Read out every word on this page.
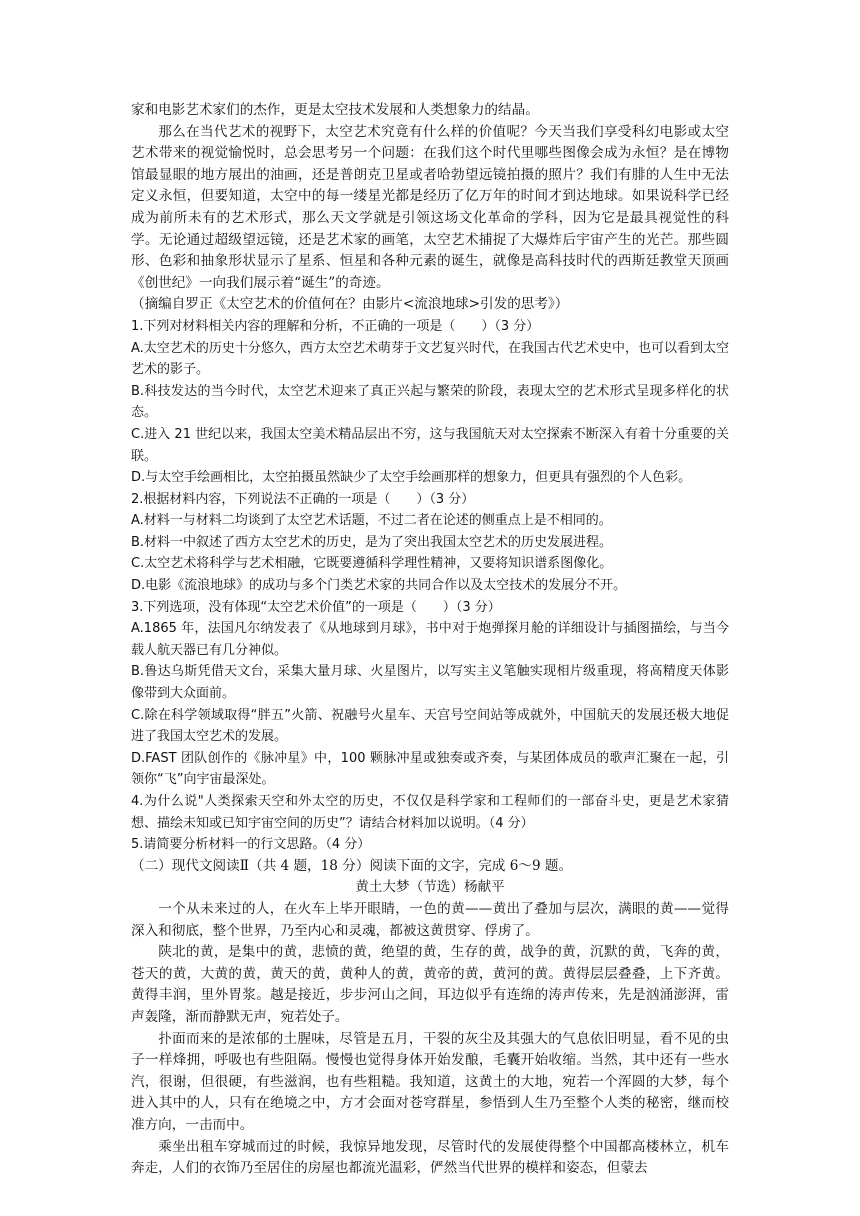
家和电影艺术家们的杰作，更是太空技术发展和人类想象力的结晶。

那么在当代艺术的视野下，太空艺术究竟有什么样的价值呢？今天当我们享受科幻电影或太空艺术带来的视觉愉悦时，总会思考另一个问题：在我们这个时代里哪些图像会成为永恒？是在博物馆最显眼的地方展出的油画，还是普朗克卫星或者哈勃望远镜拍摄的照片？我们有腓的人生中无法定义永恒，但要知道，太空中的每一缕星光都是经历了亿万年的时间才到达地球。如果说科学已经成为前所未有的艺术形式，那么天文学就是引领这场文化革命的学科，因为它是最具视觉性的科学。无论通过超级望远镜，还是艺术家的画笔，太空艺术捕捉了大爆炸后宇宙产生的光芒。那些圆形、色彩和抽象形状显示了星系、恒星和各种元素的诞生，就像是高科技时代的西斯廷教堂天顶画《创世纪》一向我们展示着“诞生”的奇迹。

（摘编自罗正《太空艺术的价值何在？由影片<流浪地球>引发的思考》）

1.下列对材料相关内容的理解和分析，不正确的一项是（　　）（3 分）

A.太空艺术的历史十分悠久，西方太空艺术萌芽于文艺复兴时代，在我国古代艺术史中，也可以看到太空艺术的影子。

B.科技发达的当今时代，太空艺术迎来了真正兴起与繁荣的阶段，表现太空的艺术形式呈现多样化的状态。

C.进入 21 世纪以来，我国太空美术精品层出不穷，这与我国航天对太空探索不断深入有着十分重要的关联。

D.与太空手绘画相比，太空拍摄虽然缺少了太空手绘画那样的想象力，但更具有强烈的个人色彩。

2.根据材料内容，下列说法不正确的一项是（　　）（3 分）

A.材料一与材料二均谈到了太空艺术话题，不过二者在论述的侧重点上是不相同的。

B.材料一中叙述了西方太空艺术的历史，是为了突出我国太空艺术的历史发展进程。

C.太空艺术将科学与艺术相融，它既要遵循科学理性精神，又要将知识谱系图像化。

D.电影《流浪地球》的成功与多个门类艺术家的共同合作以及太空技术的发展分不开。

3.下列选项，没有体现“太空艺术价值”的一项是（　　）（3 分）

A.1865 年，法国凡尔纳发表了《从地球到月球》，书中对于炮弹探月舱的详细设计与插图描绘，与当今载人航天器已有几分神似。

B.鲁达乌斯凭借天文台，采集大量月球、火星图片，以写实主义笔触实现相片级重现，将高精度天体影像带到大众面前。

C.除在科学领域取得“胖五”火箭、祝融号火星车、天宫号空间站等成就外，中国航天的发展还极大地促进了我国太空艺术的发展。

D.FAST 团队创作的《脉冲星》中，100 颗脉冲星或独奏或齐奏，与某团体成员的歌声汇聚在一起，引领你“飞”向宇宙最深处。

4.为什么说"人类探索天空和外太空的历史，不仅仅是科学家和工程师们的一部奋斗史，更是艺术家猜想、描绘未知或已知宇宙空间的历史”？请结合材料加以说明。（4 分）

5.请简要分析材料一的行文思路。（4 分）

（二）现代文阅读Ⅱ（共 4 题，18 分）阅读下面的文字，完成 6～9 题。

黄土大梦（节选）杨献平

一个从未来过的人，在火车上毕开眼睛，一色的黄——黄出了叠加与层次，满眼的黄——觉得深入和彻底，整个世界，乃至内心和灵魂，都被这黄贯穿、俘虏了。

陕北的黄，是集中的黄，悲愤的黄，绝望的黄，生存的黄，战争的黄，沉默的黄，飞奔的黄，苍天的黄，大黄的黄，黄天的黄，黄种人的黄，黄帝的黄，黄河的黄。黄得层层叠叠，上下齐黄。黄得丰润，里外胃浆。越是接近，步步河山之间，耳边似乎有连绵的涛声传来，先是汹涌澎湃，雷声轰隆，渐而静默无声，宛若处子。

扑面而来的是浓郁的土腥味，尽管是五月，干裂的灰尘及其强大的气息依旧明显，看不见的虫子一样烽拥，呼吸也有些阻隔。慢慢也觉得身体开始发酿，毛囊开始收缩。当然，其中还有一些水汽，很谢，但很硬，有些滋润，也有些粗糙。我知道，这黄土的大地，宛若一个浑圆的大梦，每个进入其中的人，只有在绝境之中，方才会面对苍穹群星，参悟到人生乃至整个人类的秘密，继而校准方向，一击而中。

乘坐出租车穿城而过的时候，我惊异地发现，尽管时代的发展使得整个中国都高楼林立，机车奔走，人们的衣饰乃至居住的房屋也都流光温彩，俨然当代世界的模样和姿态，但蒙去
